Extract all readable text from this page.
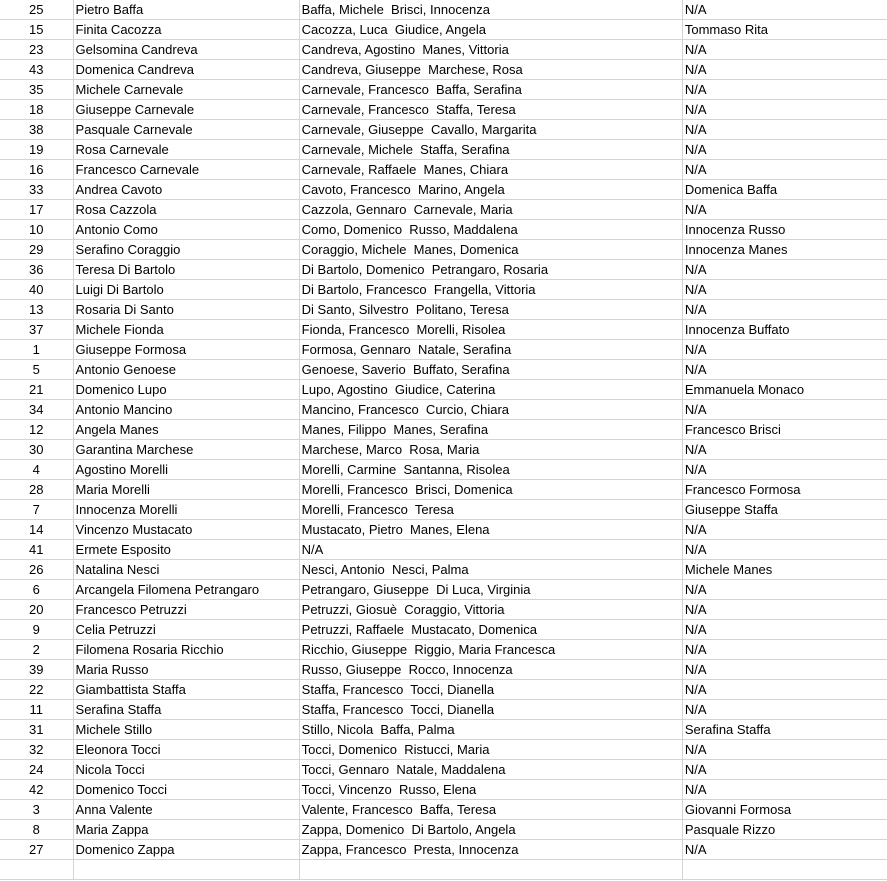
25	Pietro Baffa	Baffa, Michele  Brisci, Innocenza	N/A
15	Finita Cacozza	Cacozza, Luca  Giudice, Angela	Tommaso Rita
23	Gelsomina Candreva	Candreva, Agostino  Manes, Vittoria	N/A
43	Domenica Candreva	Candreva, Giuseppe  Marchese, Rosa	N/A
35	Michele Carnevale	Carnevale, Francesco  Baffa, Serafina	N/A
18	Giuseppe Carnevale	Carnevale, Francesco  Staffa, Teresa	N/A
38	Pasquale Carnevale	Carnevale, Giuseppe  Cavallo, Margarita	N/A
19	Rosa Carnevale	Carnevale, Michele  Staffa, Serafina	N/A
16	Francesco Carnevale	Carnevale, Raffaele  Manes, Chiara	N/A
33	Andrea Cavoto	Cavoto, Francesco  Marino, Angela	Domenica Baffa
17	Rosa Cazzola	Cazzola, Gennaro  Carnevale, Maria	N/A
10	Antonio Como	Como, Domenico  Russo, Maddalena	Innocenza Russo
29	Serafino Coraggio	Coraggio, Michele  Manes, Domenica	Innocenza Manes
36	Teresa Di Bartolo	Di Bartolo, Domenico  Petrangaro, Rosaria	N/A
40	Luigi Di Bartolo	Di Bartolo, Francesco  Frangella, Vittoria	N/A
13	Rosaria Di Santo	Di Santo, Silvestro  Politano, Teresa	N/A
37	Michele Fionda	Fionda, Francesco  Morelli, Risolea	Innocenza Buffato
1	Giuseppe Formosa	Formosa, Gennaro  Natale, Serafina	N/A
5	Antonio Genoese	Genoese, Saverio  Buffato, Serafina	N/A
21	Domenico Lupo	Lupo, Agostino  Giudice, Caterina	Emmanuela Monaco
34	Antonio Mancino	Mancino, Francesco  Curcio, Chiara	N/A
12	Angela Manes	Manes, Filippo  Manes, Serafina	Francesco Brisci
30	Garantina Marchese	Marchese, Marco  Rosa, Maria	N/A
4	Agostino Morelli	Morelli, Carmine  Santanna, Risolea	N/A
28	Maria Morelli	Morelli, Francesco  Brisci, Domenica	Francesco Formosa
7	Innocenza Morelli	Morelli, Francesco  Teresa	Giuseppe Staffa
14	Vincenzo Mustacato	Mustacato, Pietro  Manes, Elena	N/A
41	Ermete Esposito	N/A	N/A
26	Natalina Nesci	Nesci, Antonio  Nesci, Palma	Michele Manes
6	Arcangela Filomena Petrangaro	Petrangaro, Giuseppe  Di Luca, Virginia	N/A
20	Francesco Petruzzi	Petruzzi, Giosuè  Coraggio, Vittoria	N/A
9	Celia Petruzzi	Petruzzi, Raffaele  Mustacato, Domenica	N/A
2	Filomena Rosaria Ricchio	Ricchio, Giuseppe  Riggio, Maria Francesca	N/A
39	Maria Russo	Russo, Giuseppe  Rocco, Innocenza	N/A
22	Giambattista Staffa	Staffa, Francesco  Tocci, Dianella	N/A
11	Serafina Staffa	Staffa, Francesco  Tocci, Dianella	N/A
31	Michele Stillo	Stillo, Nicola  Baffa, Palma	Serafina Staffa
32	Eleonora Tocci	Tocci, Domenico  Ristucci, Maria	N/A
24	Nicola Tocci	Tocci, Gennaro  Natale, Maddalena	N/A
42	Domenico Tocci	Tocci, Vincenzo  Russo, Elena	N/A
3	Anna Valente	Valente, Francesco  Baffa, Teresa	Giovanni Formosa
8	Maria Zappa	Zappa, Domenico  Di Bartolo, Angela	Pasquale Rizzo
27	Domenico Zappa	Zappa, Francesco  Presta, Innocenza	N/A
